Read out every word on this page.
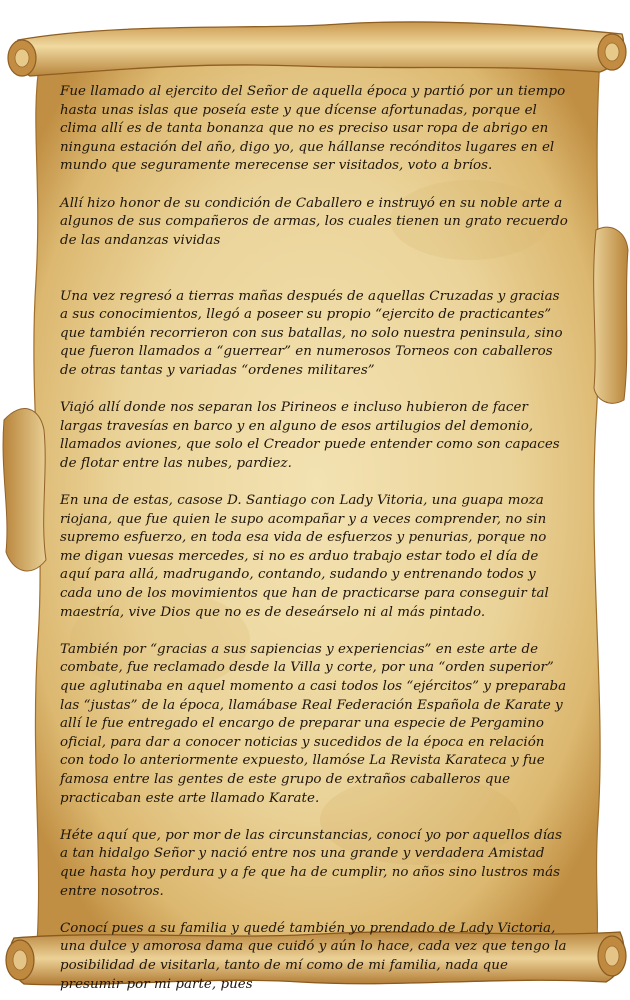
Fue llamado al ejercito del Señor de aquella época y partió por un tiempo hasta unas islas que poseía este y que dícense afortunadas, porque el clima allí es de tanta bonanza que no es preciso usar ropa de abrigo en ninguna estación del año, digo yo, que hállanse recónditos lugares en el mundo que seguramente merecense ser visitados, voto a bríos.

Allí hizo honor de su condición de Caballero e instruyó en su noble arte a algunos de sus compañeros de armas, los cuales tienen un grato recuerdo de las andanzas vividas

Una vez regresó a tierras mañas después de aquellas Cruzadas y gracias a sus conocimientos, llegó a poseer su propio “ejercito de practicantes” que también recorrieron con sus batallas, no solo nuestra peninsula, sino que fueron llamados a “guerrear” en numerosos Torneos con caballeros de otras tantas y variadas “ordenes militares”

Viajó allí donde nos separan los Pirineos e incluso hubieron de facer largas travesías en barco y en alguno de esos artilugios del demonio, llamados aviones, que solo el Creador puede entender como son capaces de flotar entre las nubes, pardiez.

En una de estas, casose D. Santiago con Lady Vitoria, una guapa moza riojana, que fue quien le supo acompañar y a veces comprender, no sin supremo esfuerzo, en toda esa vida de esfuerzos y penurias, porque no me digan vuesas mercedes, si no es arduo trabajo estar todo el día de aquí para allá, madrugando, contando, sudando y entrenando todos y cada uno de los movimientos que han de practicarse para conseguir tal maestría, vive Dios que no es de deseárselo ni al más pintado.

También por “gracias a sus sapiencias y experiencias” en este arte de combate, fue reclamado desde la Villa y corte, por una “orden superior” que aglutinaba en aquel momento a casi todos los “ejércitos” y preparaba las “justas” de la época, llamábase Real Federación Española de Karate y allí le fue entregado el encargo de preparar una especie de Pergamino oficial, para dar a conocer noticias y sucedidos de la época en relación con todo lo anteriormente expuesto, llamóse La Revista Karateca y fue famosa entre las gentes de este grupo de extraños caballeros que practicaban este arte llamado Karate.

Héte aquí que, por mor de las circunstancias, conocí yo por aquellos días a tan hidalgo Señor y nació entre nos una grande y verdadera Amistad que hasta hoy perdura y a fe que ha de cumplir, no años sino lustros más entre nosotros.

Conocí pues a su familia y quedé también yo prendado de Lady Victoria, una dulce y amorosa dama que cuidó y aún lo hace, cada vez que tengo la posibilidad de visitarla, tanto de mí como de mi familia, nada que presumir por mi parte, pues
